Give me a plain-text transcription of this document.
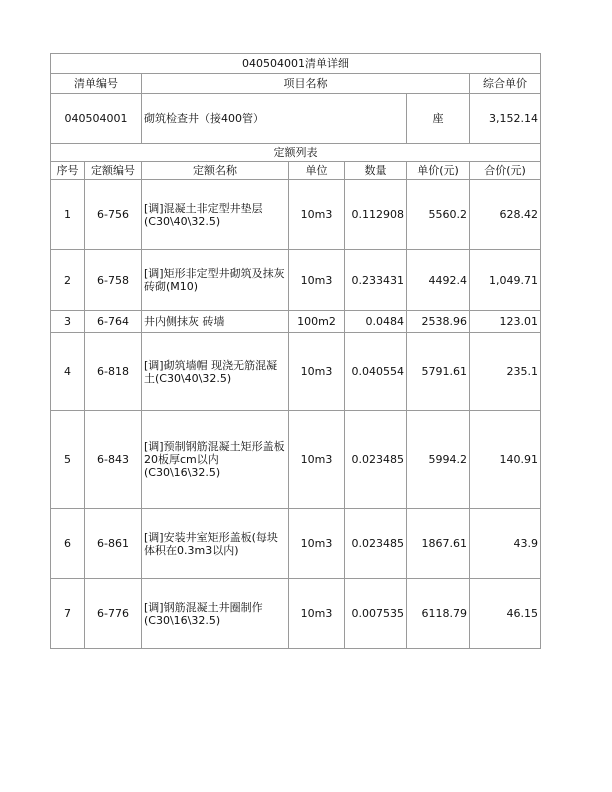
040504001清单详细						
清单编号		项目名称				综合单价
040504001		砌筑检查井（接400管）			座	3,152.14
定额列表						
序号	定额编号	定额名称	单位	数量	单价(元)	合价(元)
1	6-756	[调]混凝土非定型井垫层(C30\40\32.5)	10m3	0.112908	5560.2	628.42
2	6-758	[调]矩形非定型井砌筑及抹灰 砖砌(M10)	10m3	0.233431	4492.4	1,049.71
3	6-764	井内侧抹灰 砖墙	100m2	0.0484	2538.96	123.01
4	6-818	[调]砌筑墙帽 现浇无筋混凝土(C30\40\32.5)	10m3	0.040554	5791.61	235.1
5	6-843	[调]预制钢筋混凝土矩形盖板20板厚cm以内(C30\16\32.5)	10m3	0.023485	5994.2	140.91
6	6-861	[调]安装井室矩形盖板(每块体积在0.3m3以内)	10m3	0.023485	1867.61	43.9
7	6-776	[调]钢筋混凝土井圈制作(C30\16\32.5)	10m3	0.007535	6118.79	46.15
